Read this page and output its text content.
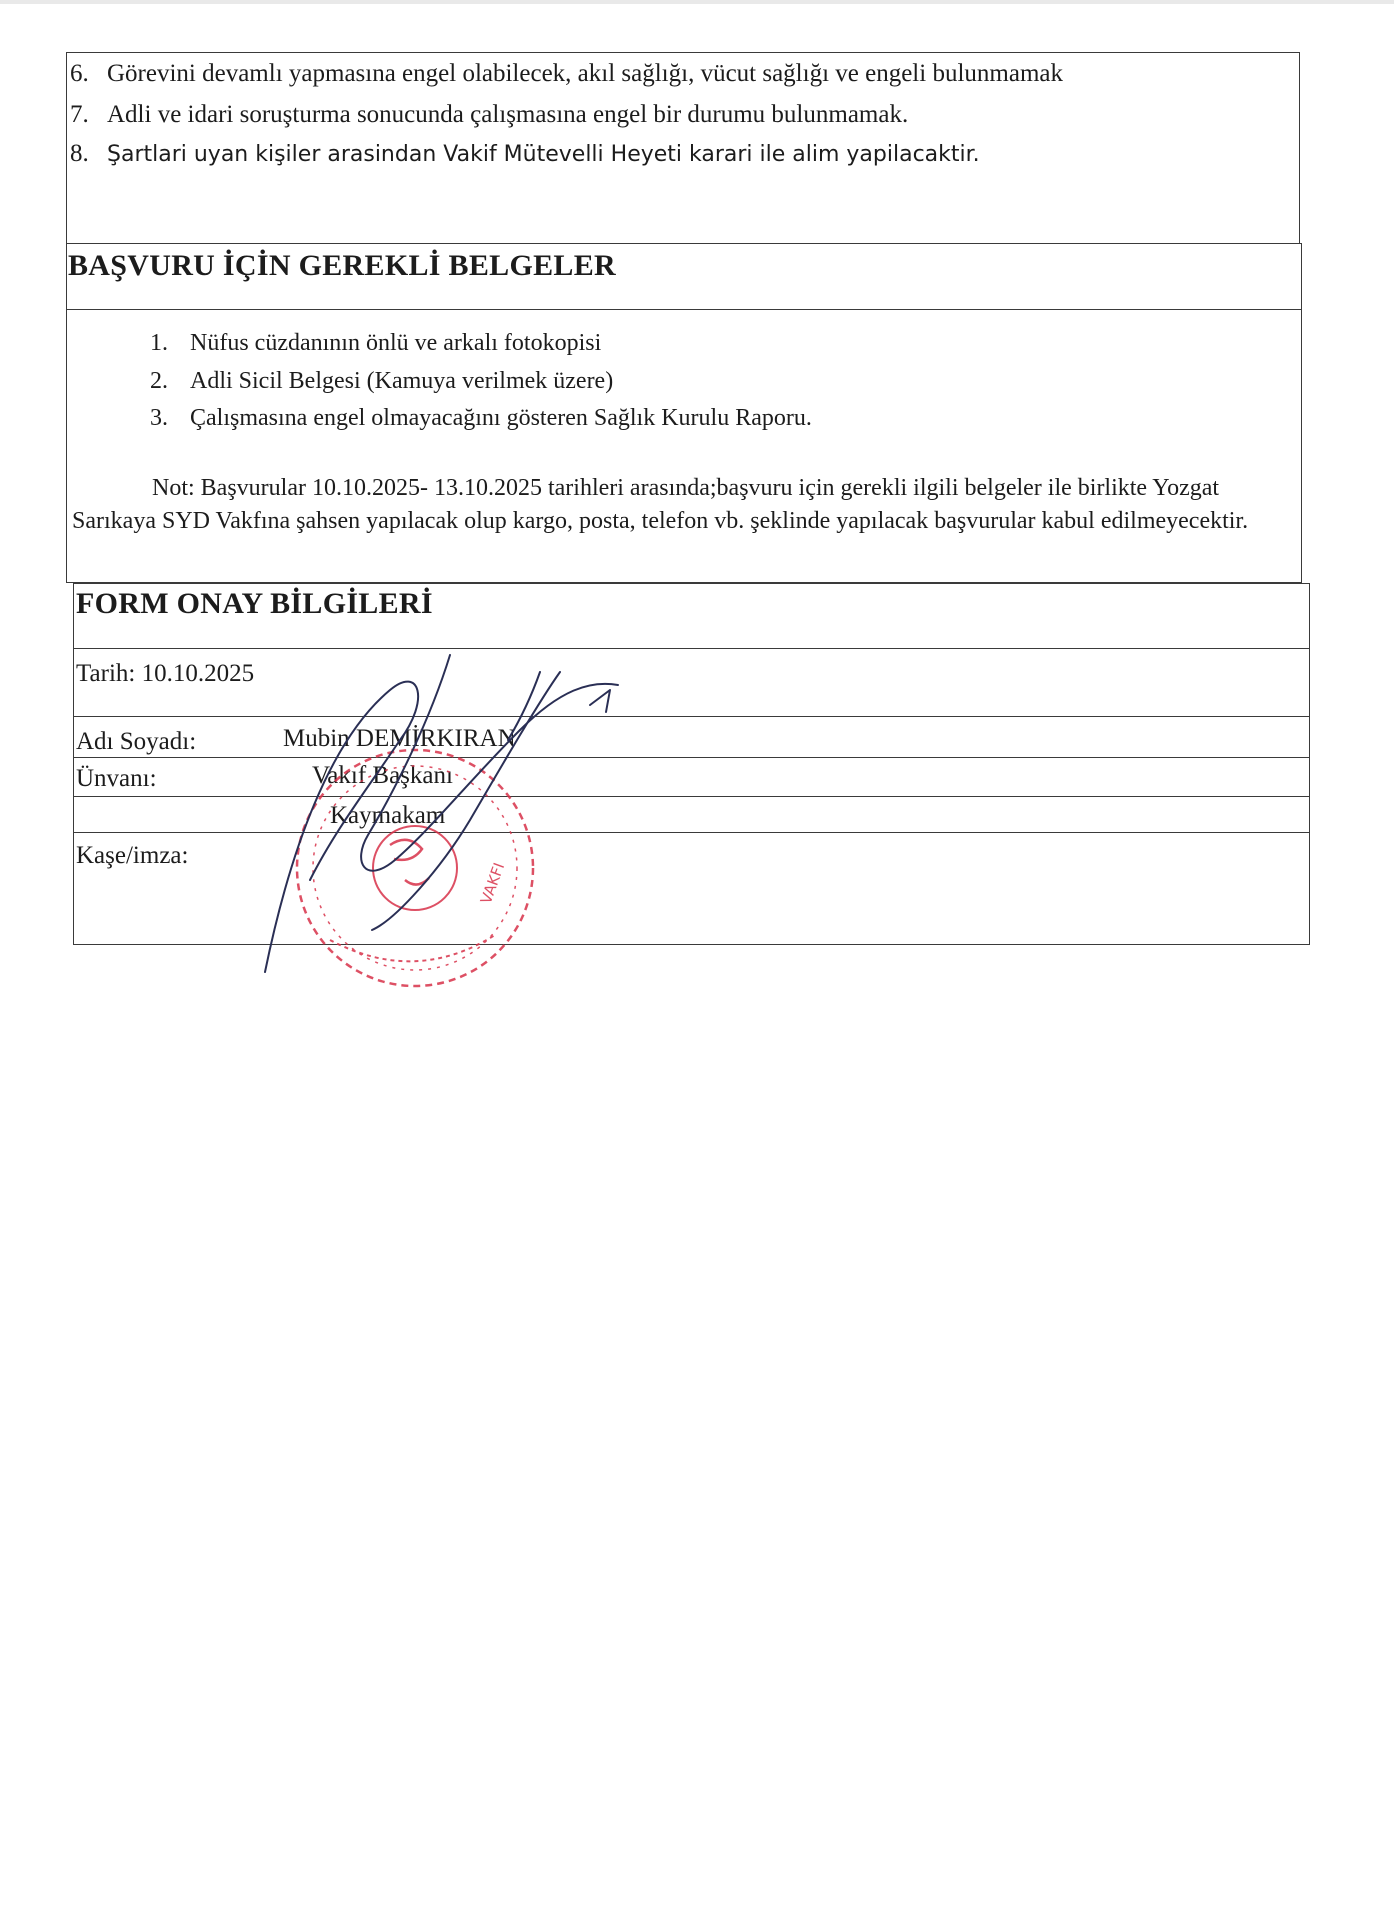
6. Görevini devamlı yapmasına engel olabilecek, akıl sağlığı, vücut sağlığı ve engeli bulunmamak
7. Adli ve idari soruşturma sonucunda çalışmasına engel bir durumu bulunmamak.
8. Şartlari uyan kişiler arasindan Vakif Mütevelli Heyeti karari ile alim yapilacaktir.
BAŞVURU İÇİN GEREKLİ BELGELER
1. Nüfus cüzdanının önlü ve arkalı fotokopisi
2. Adli Sicil Belgesi (Kamuya verilmek üzere)
3. Çalışmasına engel olmayacağını gösteren Sağlık Kurulu Raporu.
Not: Başvurular 10.10.2025- 13.10.2025 tarihleri arasında;başvuru için gerekli ilgili belgeler ile birlikte Yozgat Sarıkaya SYD Vakfına şahsen yapılacak olup kargo, posta, telefon vb. şeklinde yapılacak başvurular kabul edilmeyecektir.
FORM ONAY BİLGİLERİ
Tarih: 10.10.2025
Adı Soyadı:	Mubin DEMİRKIRAN
Ünvanı:	Vakıf Başkanı
Kaymakam
Kaşe/imza:
VAKFI
